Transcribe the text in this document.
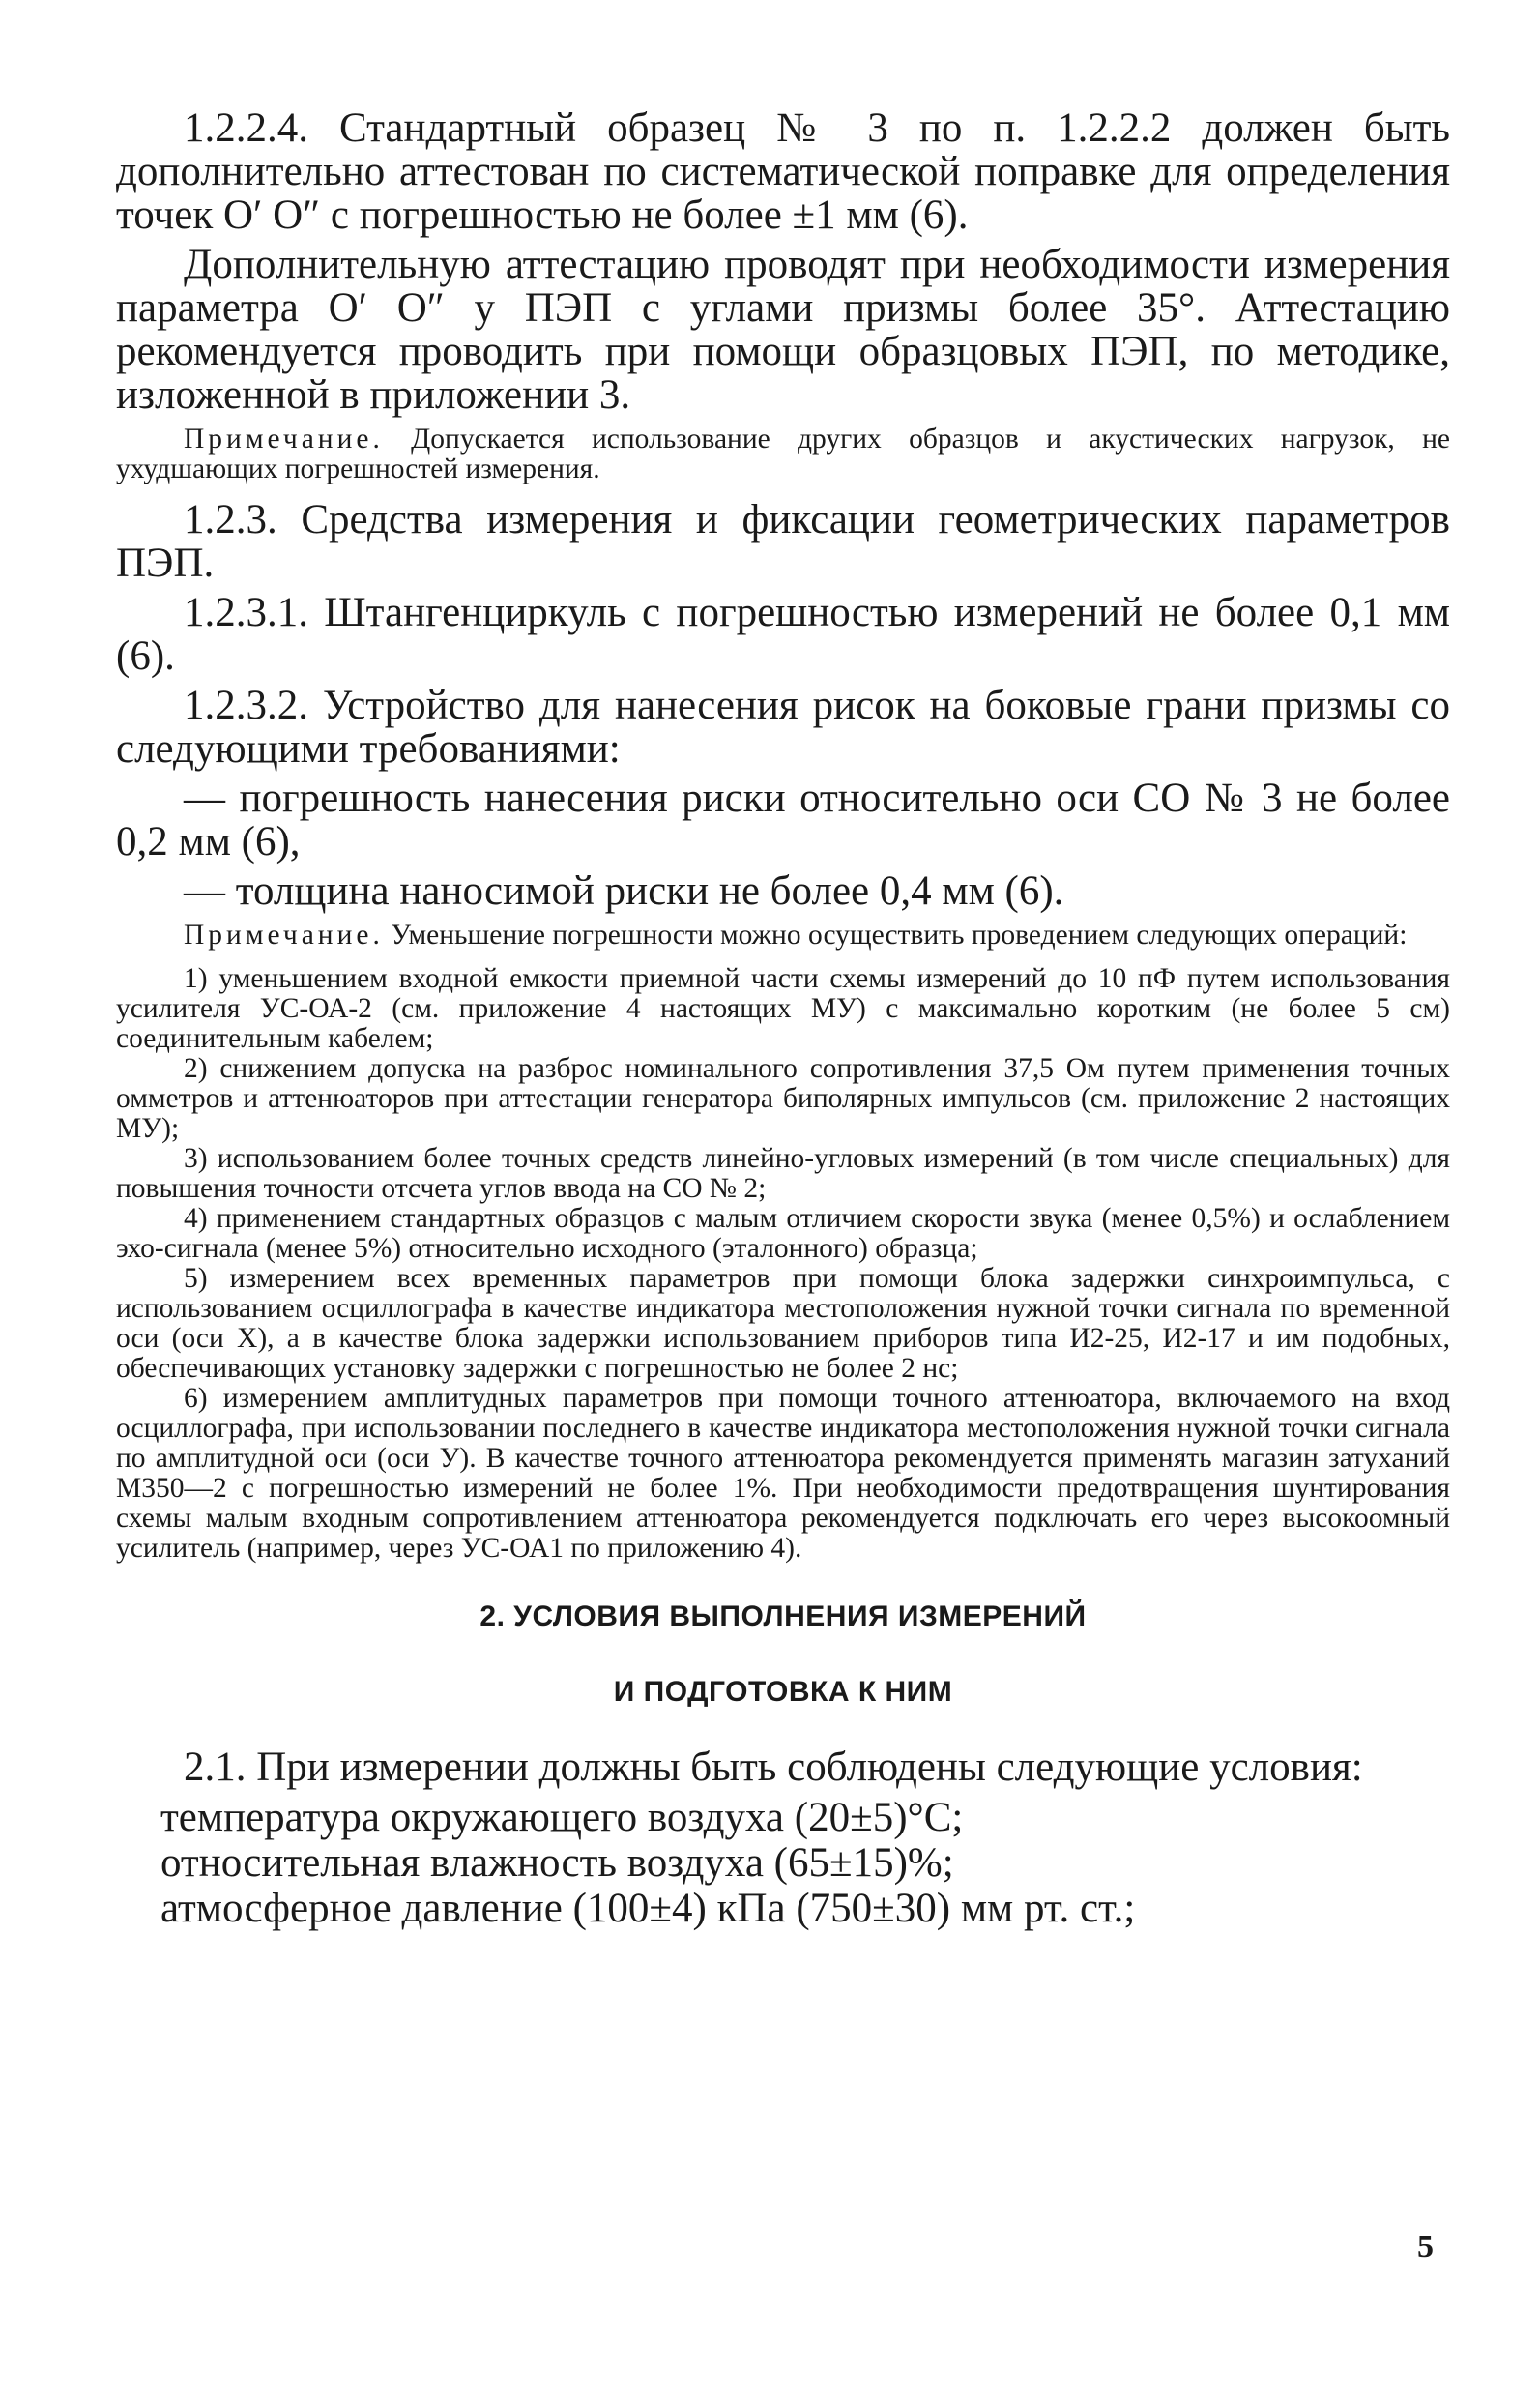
1.2.2.4. Стандартный образец № 3 по п. 1.2.2.2 должен быть дополнительно аттестован по систематической поправке для определения точек O′ O″ с погрешностью не более ±1 мм (6).

Дополнительную аттестацию проводят при необходимости измерения параметра O′ O″ у ПЭП с углами призмы более 35°. Аттестацию рекомендуется проводить при помощи образцовых ПЭП, по методике, изложенной в приложении 3.

Примечание. Допускается использование других образцов и акустических нагрузок, не ухудшающих погрешностей измерения.

1.2.3. Средства измерения и фиксации геометрических параметров ПЭП.

1.2.3.1. Штангенциркуль с погрешностью измерений не более 0,1 мм (6).

1.2.3.2. Устройство для нанесения рисок на боковые грани призмы со следующими требованиями:

— погрешность нанесения риски относительно оси СО № 3 не более 0,2 мм (6),

— толщина наносимой риски не более 0,4 мм (6).

Примечание. Уменьшение погрешности можно осуществить проведением следующих операций:

1) уменьшением входной емкости приемной части схемы измерений до 10 пФ путем использования усилителя УС-ОА-2 (см. приложение 4 настоящих МУ) с максимально коротким (не более 5 см) соединительным кабелем;

2) снижением допуска на разброс номинального сопротивления 37,5 Ом путем применения точных омметров и аттенюаторов при аттестации генератора биполярных импульсов (см. приложение 2 настоящих МУ);

3) использованием более точных средств линейно-угловых измерений (в том числе специальных) для повышения точности отсчета углов ввода на СО № 2;

4) применением стандартных образцов с малым отличием скорости звука (менее 0,5%) и ослаблением эхо-сигнала (менее 5%) относительно исходного (эталонного) образца;

5) измерением всех временных параметров при помощи блока задержки синхроимпульса, с использованием осциллографа в качестве индикатора местоположения нужной точки сигнала по временной оси (оси X), а в качестве блока задержки использованием приборов типа И2-25, И2-17 и им подобных, обеспечивающих установку задержки с погрешностью не более 2 нс;

6) измерением амплитудных параметров при помощи точного аттенюатора, включаемого на вход осциллографа, при использовании последнего в качестве индикатора местоположения нужной точки сигнала по амплитудной оси (оси У). В качестве точного аттенюатора рекомендуется применять магазин затуханий М350—2 с погрешностью измерений не более 1%. При необходимости предотвращения шунтирования схемы малым входным сопротивлением аттенюатора рекомендуется подключать его через высокоомный усилитель (например, через УС-ОА1 по приложению 4).

2. УСЛОВИЯ ВЫПОЛНЕНИЯ ИЗМЕРЕНИЙ

И ПОДГОТОВКА К НИМ

2.1. При измерении должны быть соблюдены следующие условия:

температура окружающего воздуха (20±5)°С;

относительная влажность воздуха (65±15)%;

атмосферное давление (100±4) кПа (750±30) мм рт. ст.;

5
